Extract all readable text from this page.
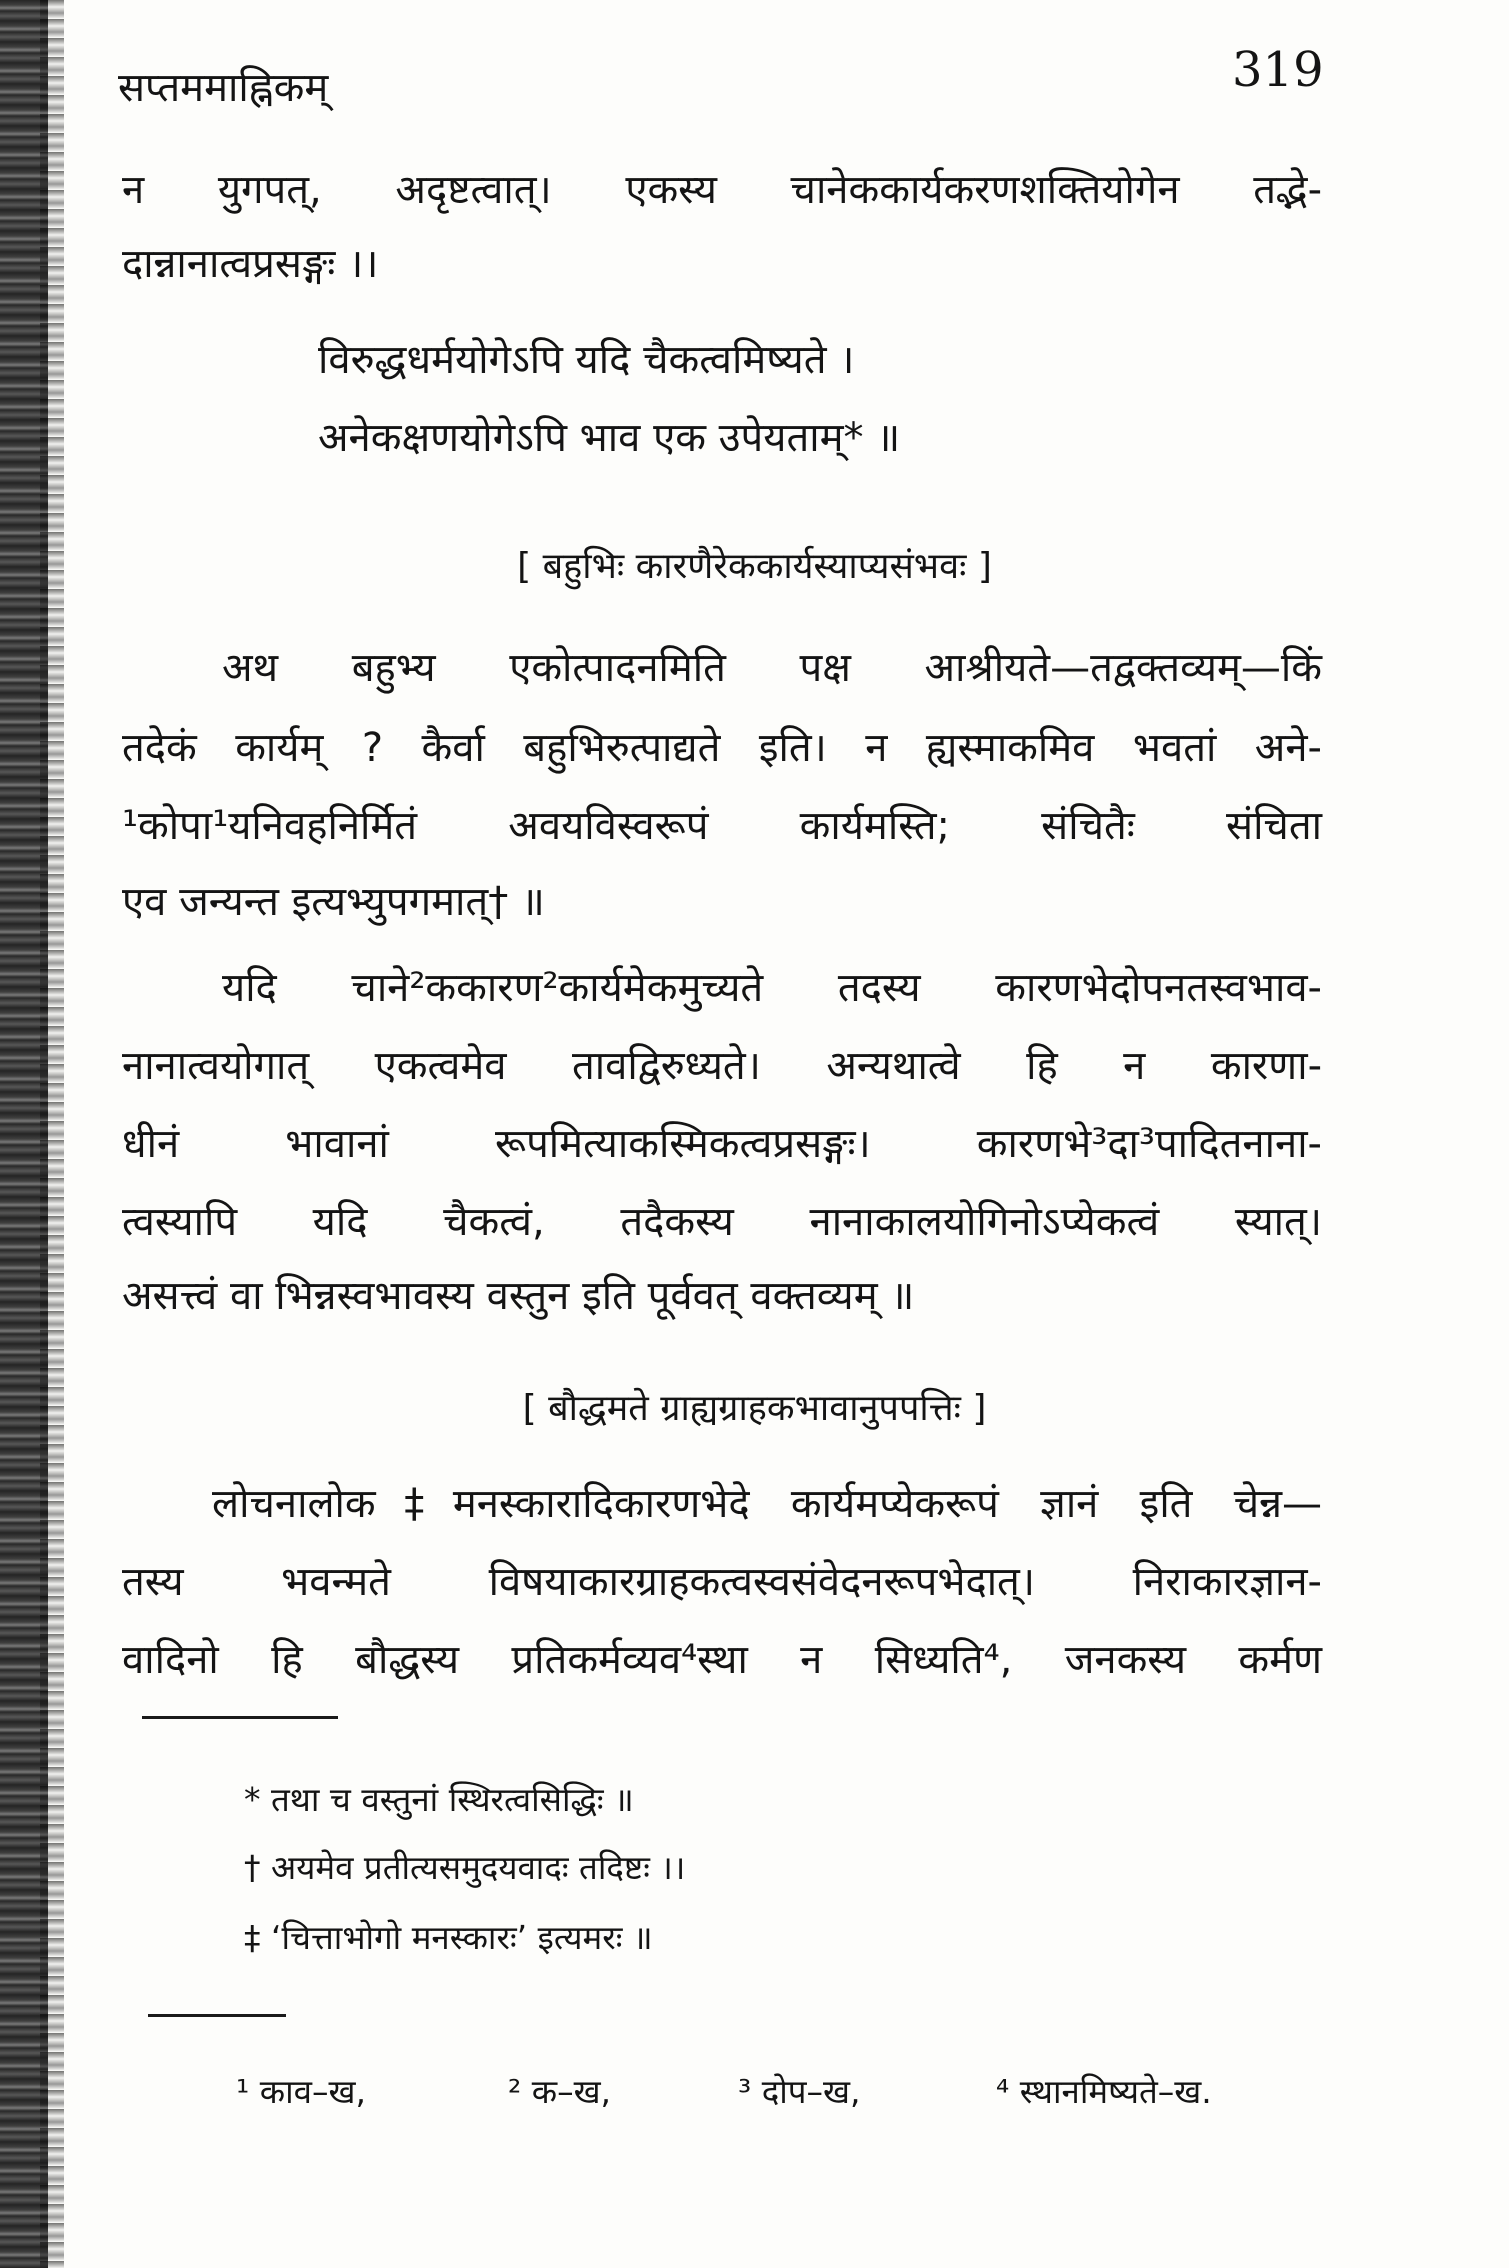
सप्तममाह्निकम्	319
न युगपत्, अदृष्टत्वात्। एकस्य चानेककार्यकरणशक्तियोगेन तद्भे-
दान्नानात्वप्रसङ्गः ।।
विरुद्धधर्मयोगेऽपि यदि चैकत्वमिष्यते ।
अनेकक्षणयोगेऽपि भाव एक उपेयताम्* ॥
[ बहुभिः कारणैरेककार्यस्याप्यसंभवः ]
अथ बहुभ्य एकोत्पादनमिति पक्ष आश्रीयते—तद्वक्तव्यम्—किं
तदेकं कार्यम् ? कैर्वा बहुभिरुत्पाद्यते इति। न ह्यस्माकमिव भवतां अने-
¹कोपा¹यनिवहनिर्मितं अवयविस्वरूपं कार्यमस्ति; संचितैः संचिता
एव जन्यन्त इत्यभ्युपगमात्† ॥
यदि चाने²ककारण²कार्यमेकमुच्यते तदस्य कारणभेदोपनतस्वभाव-
नानात्वयोगात् एकत्वमेव तावद्विरुध्यते। अन्यथात्वे हि न कारणा-
धीनं भावानां रूपमित्याकस्मिकत्वप्रसङ्गः। कारणभे³दा³पादितनाना-
त्वस्यापि यदि चैकत्वं, तदैकस्य नानाकालयोगिनोऽप्येकत्वं स्यात्।
असत्त्वं वा भिन्नस्वभावस्य वस्तुन इति पूर्ववत् वक्तव्यम् ॥
[ बौद्धमते ग्राह्यग्राहकभावानुपपत्तिः ]
लोचनालोक‡मनस्कारादिकारणभेदे कार्यमप्येकरूपं ज्ञानं इति चेन्न—
तस्य भवन्मते विषयाकारग्राहकत्वस्वसंवेदनरूपभेदात्। निराकारज्ञान-
वादिनो हि बौद्धस्य प्रतिकर्मव्यव⁴स्था न सिध्यति⁴, जनकस्य कर्मण
* तथा च वस्तुनां स्थिरत्वसिद्धिः ॥
† अयमेव प्रतीत्यसमुदयवादः तदिष्टः ।।
‡ ‘चित्ताभोगो मनस्कारः’ इत्यमरः ॥
¹ काव–ख,	² क–ख,	³ दोप–ख,	⁴ स्थानमिष्यते–ख.
